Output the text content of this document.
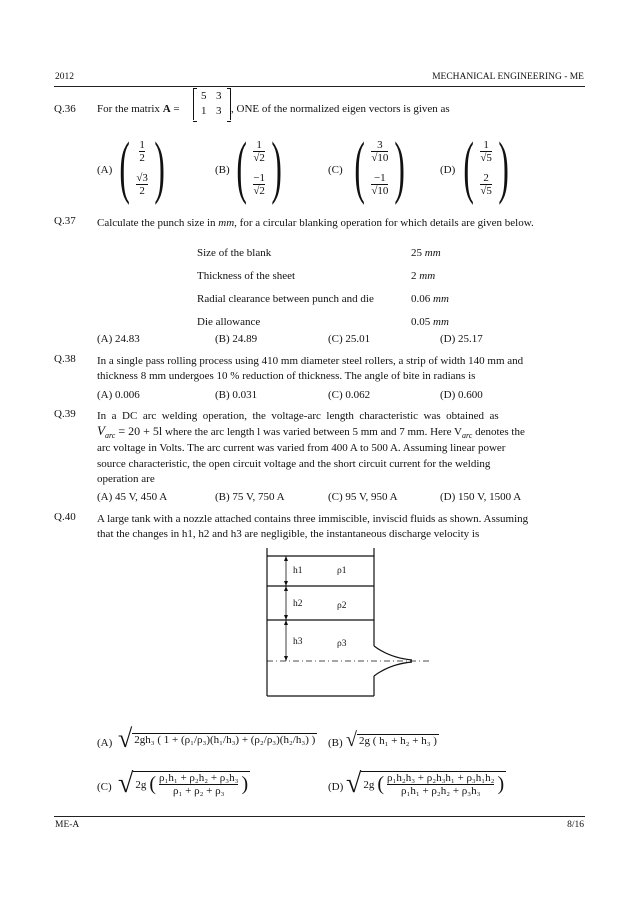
2012	MECHANICAL ENGINEERING - ME
Q.36 For the matrix A =
5 3
1 3 , ONE of the normalized eigen vectors is given as
(A) ( $\frac{1}{2}$
$\frac{√3}{2}$ )	(B) ( $\frac{1}{√2}$
$\frac{-1}{√2}$ )	(C) ( $\frac{3}{√10}$
$\frac{-1}{√10}$ )	(D) ( $\frac{1}{√5}$
$\frac{2}{√5}$ )
Q.37 Calculate the punch size in mm, for a circular blanking operation for which details are given below.
Size of the blank	25 mm
Thickness of the sheet	2 mm
Radial clearance between punch and die	0.06 mm
Die allowance	0.05 mm
(A) 24.83	(B) 24.89	(C) 25.01	(D) 25.17
Q.38 In a single pass rolling process using 410 mm diameter steel rollers, a strip of width 140 mm and
thickness 8 mm undergoes 10 % reduction of thickness. The angle of bite in radians is
(A) 0.006	(B) 0.031	(C) 0.062	(D) 0.600
Q.39 In  a  DC  arc  welding  operation,  the  voltage-arc  length  characteristic  was  obtained  as
$V_{arc} = 20 + 5l$ where the arc length l was varied between 5 mm and 7 mm. Here $V_{arc}$ denotes the
arc voltage in Volts. The arc current was varied from 400 A to 500 A. Assuming linear power
source characteristic, the open circuit voltage and the short circuit current for the welding
operation are
(A) 45 V, 450 A	(B) 75 V, 750 A	(C) 95 V, 950 A	(D) 150 V, 1500 A
Q.40 A large tank with a nozzle attached contains three immiscible, inviscid fluids as shown. Assuming
that the changes in h1, h2 and h3 are negligible, the instantaneous discharge velocity is
h1	ρ1
h2	ρ2
h3	ρ3
(A) √ 2gh₃ ( 1 + (ρ₁/ρ₃)(h₁/h₃) + (ρ₂/ρ₃)(h₂/h₃) ) (B) √ 2g ( h₁ + h₂ + h₃ )
(C) √ 2g ( $\frac{\text{ρ₁h₁ + ρ₂h₂ + ρ₃h₃}}{\text{ρ₁ + ρ₂ + ρ₃}}$ )	(D) √ 2g ( $\frac{\text{ρ₁h₂h₃ + ρ₂h₃h₁ + ρ₃h₁h₂}}{\text{ρ₁h₁ + ρ₂h₂ + ρ₃h₃}}$ )
ME-A	8/16
